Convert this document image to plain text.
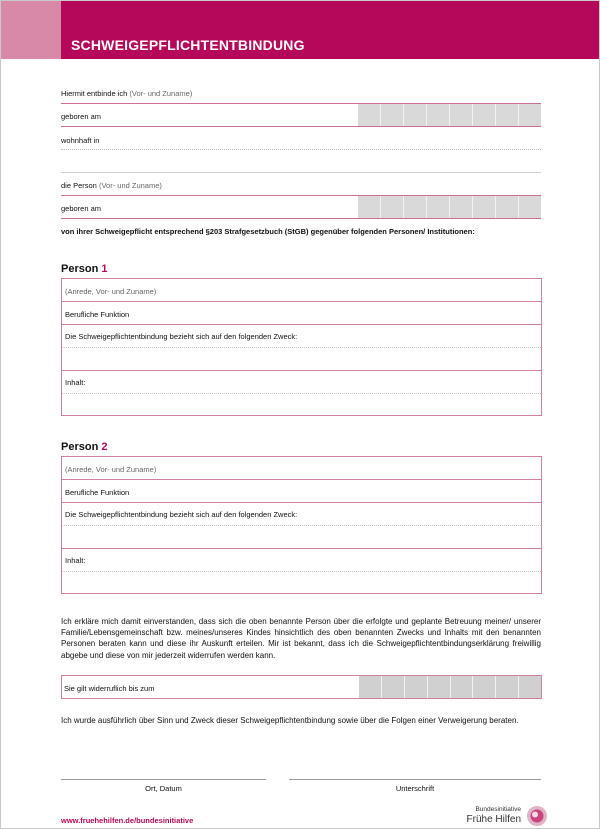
SCHWEIGEPFLICHTENTBINDUNG
Hiermit entbinde ich (Vor- und Zuname)
geboren am
wohnhaft in
die Person (Vor- und Zuname)
geboren am
von ihrer Schweigepflicht entsprechend §203 Strafgesetzbuch (StGB) gegenüber folgenden Personen/ Institutionen:
Person 1
(Anrede, Vor- und Zuname)
Berufliche Funktion
Die Schweigepflichtentbindung bezieht sich auf den folgenden Zweck:
Inhalt:
Person 2
(Anrede, Vor- und Zuname)
Berufliche Funktion
Die Schweigepflichtentbindung bezieht sich auf den folgenden Zweck:
Inhalt:
Ich erkläre mich damit einverstanden, dass sich die oben benannte Person über die erfolgte und geplante Betreuung meiner/ unserer Familie/Lebensgemeinschaft bzw. meines/unseres Kindes hinsichtlich des oben benannten Zwecks und Inhalts mit den benannten Personen beraten kann und diese ihr Auskunft erteilen. Mir ist bekannt, dass ich die Schweigepflichtentbindungserklärung freiwillig abgebe und diese von mir jederzeit widerrufen werden kann.
Sie gilt widerruflich bis zum
Ich wurde ausführlich über Sinn und Zweck dieser Schweigepflichtentbindung sowie über die Folgen einer Verweigerung beraten.
Ort, Datum	Unterschrift
www.fruehehilfen.de/bundesinitiative
Bundesinitiative
Frühe Hilfen
